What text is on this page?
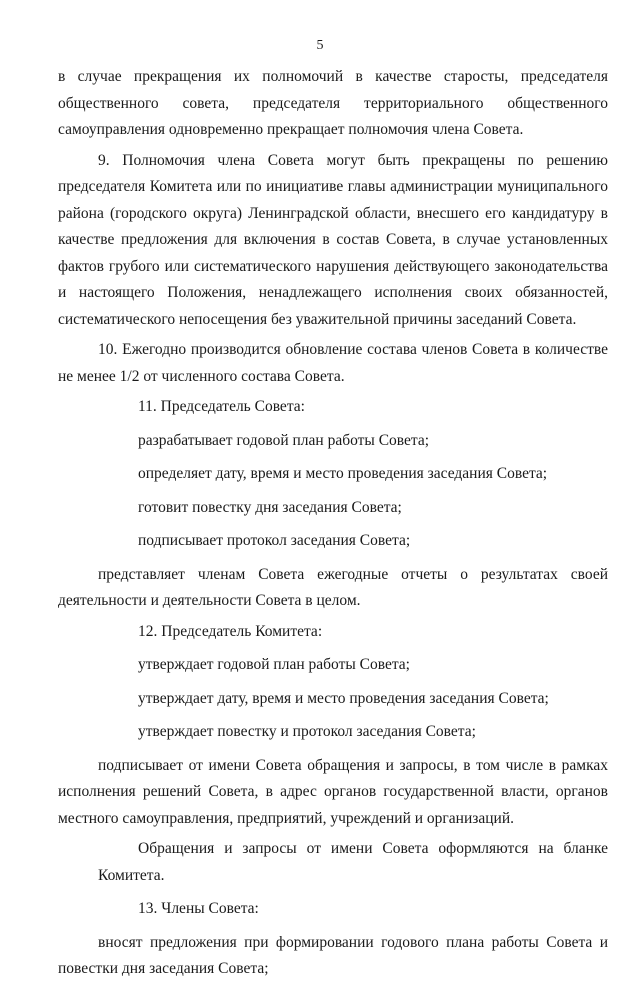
5

в случае прекращения их полномочий в качестве старосты, председателя общественного совета, председателя территориального общественного самоуправления одновременно прекращает полномочия члена Совета.

9. Полномочия члена Совета могут быть прекращены по решению председателя Комитета или по инициативе главы администрации муниципального района (городского округа) Ленинградской области, внесшего его кандидатуру в качестве предложения для включения в состав Совета, в случае установленных фактов грубого или систематического нарушения действующего законодательства и настоящего Положения, ненадлежащего исполнения своих обязанностей, систематического непосещения без уважительной причины заседаний Совета.

10. Ежегодно производится обновление состава членов Совета в количестве не менее 1/2 от численного состава Совета.

11. Председатель Совета:

разрабатывает годовой план работы Совета;

определяет дату, время и место проведения заседания Совета;

готовит повестку дня заседания Совета;

подписывает протокол заседания Совета;

представляет членам Совета ежегодные отчеты о результатах своей деятельности и деятельности Совета в целом.

12. Председатель Комитета:

утверждает годовой план работы Совета;

утверждает дату, время и место проведения заседания Совета;

утверждает повестку и протокол заседания Совета;

подписывает от имени Совета обращения и запросы, в том числе в рамках исполнения решений Совета, в адрес органов государственной власти, органов местного самоуправления, предприятий, учреждений и организаций.

Обращения и запросы от имени Совета оформляются на бланке Комитета.

13. Члены Совета:

вносят предложения при формировании годового плана работы Совета и повестки дня заседания Совета;
